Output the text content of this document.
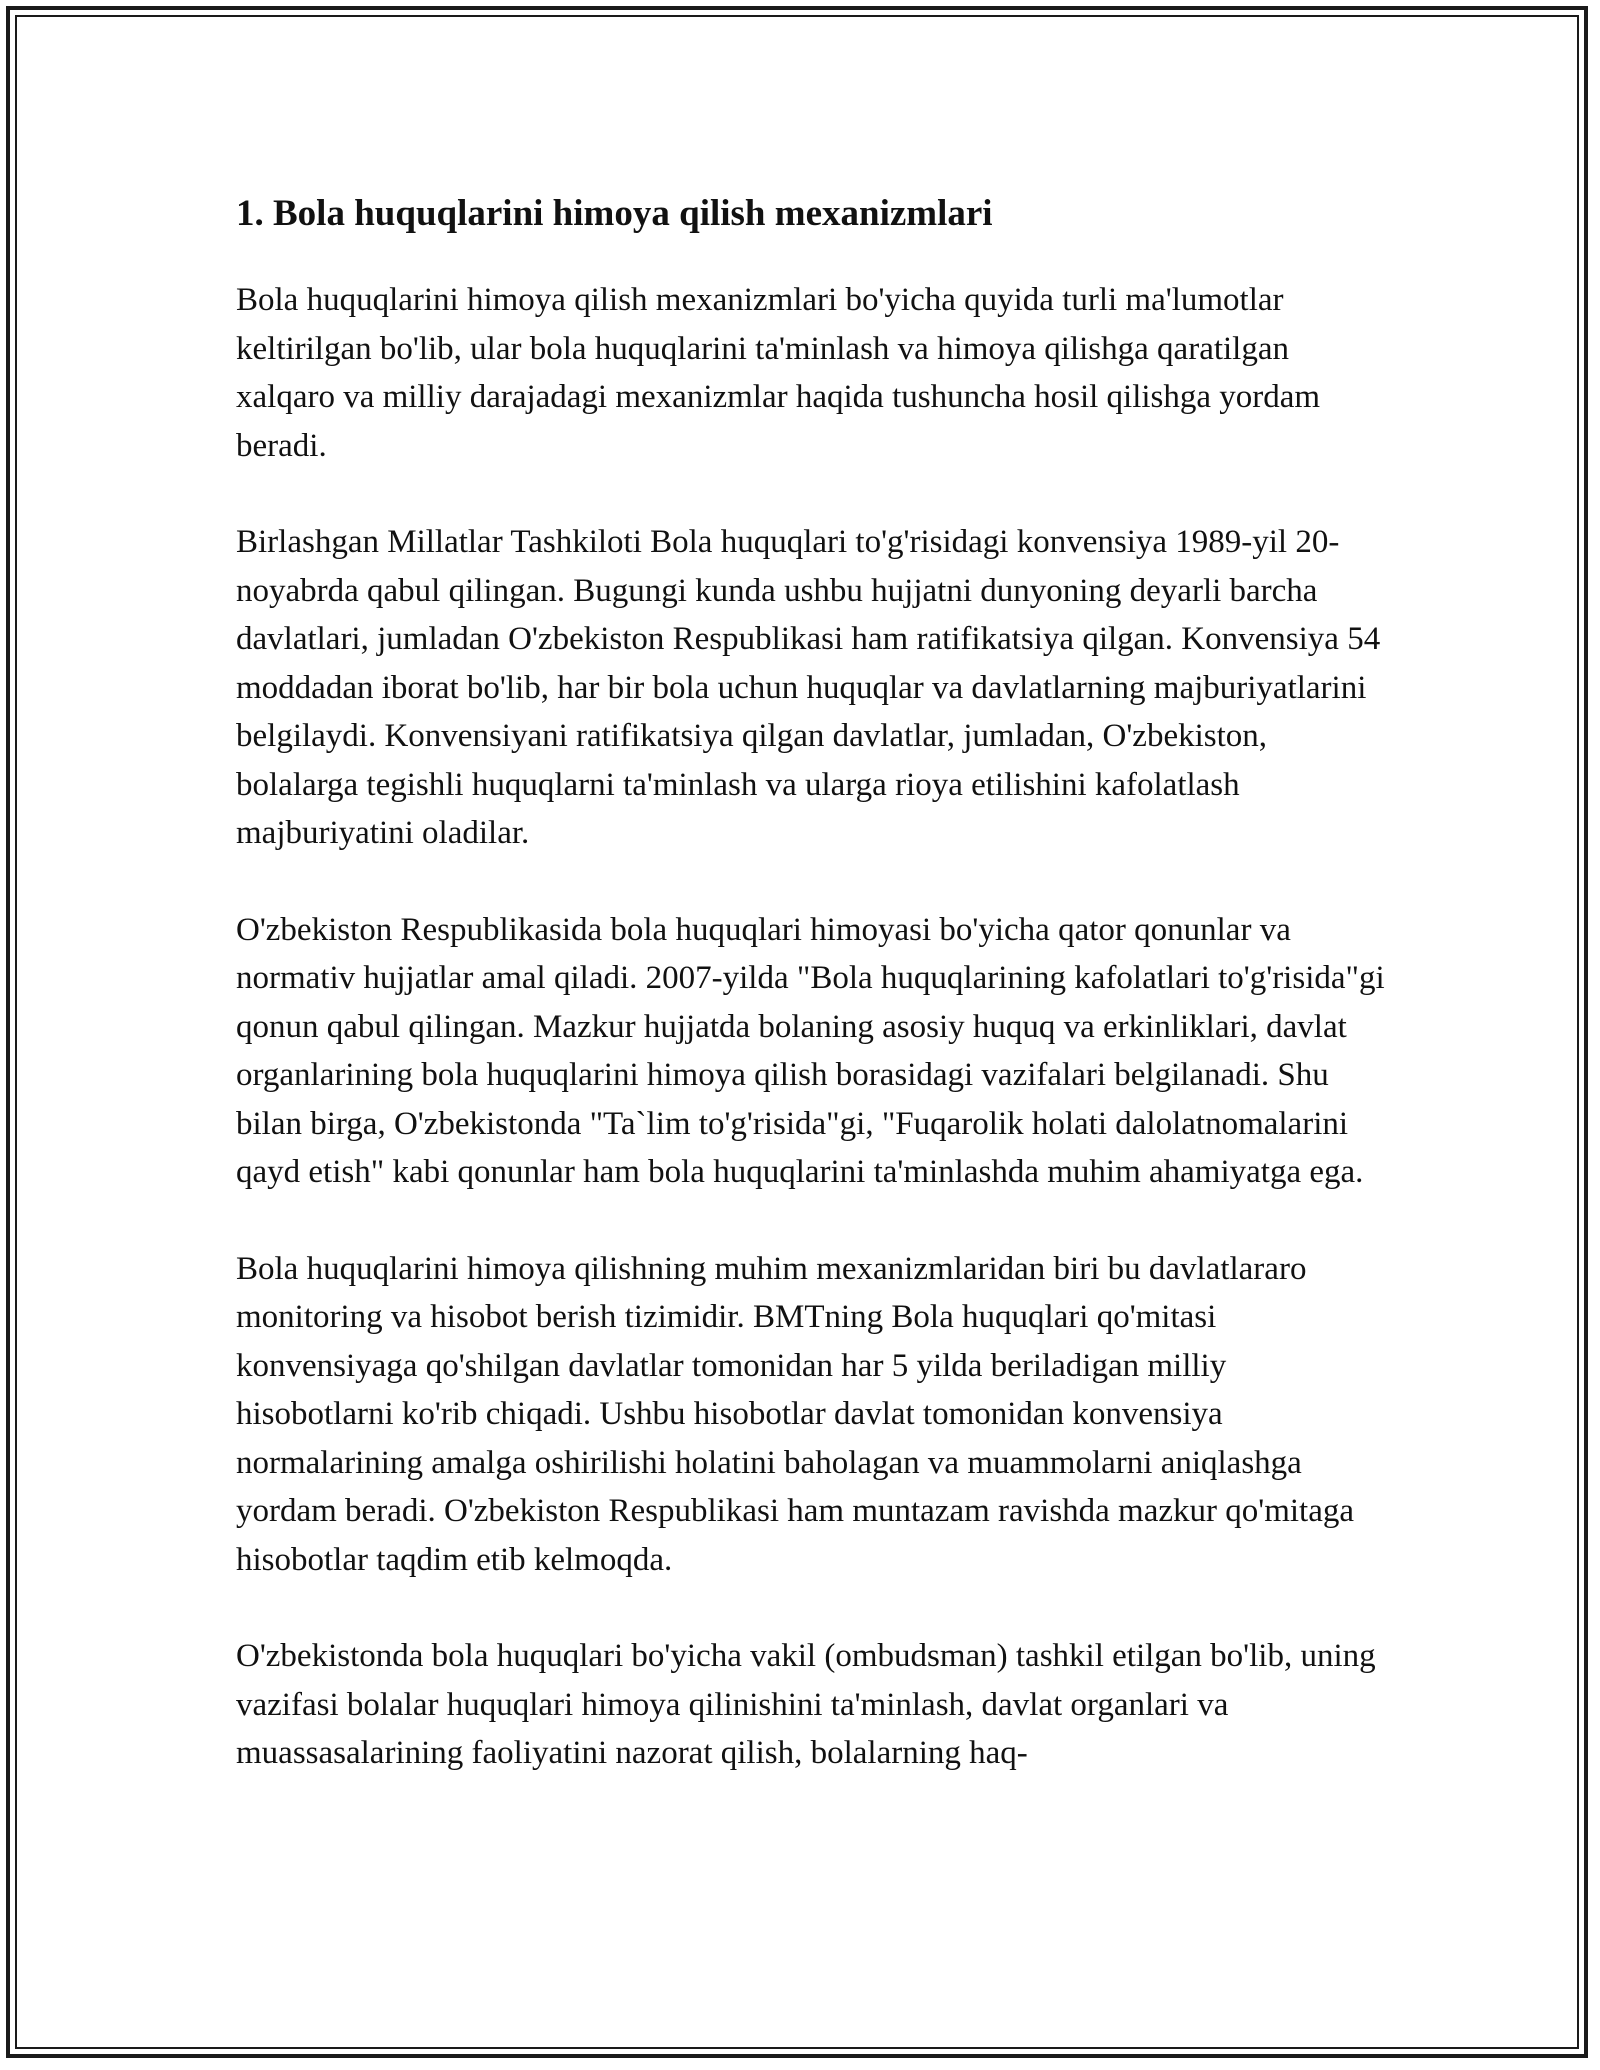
1. Bola huquqlarini himoya qilish mexanizmlari

Bola huquqlarini himoya qilish mexanizmlari bo'yicha quyida turli ma'lumotlar keltirilgan bo'lib, ular bola huquqlarini ta'minlash va himoya qilishga qaratilgan xalqaro va milliy darajadagi mexanizmlar haqida tushuncha hosil qilishga yordam beradi.

Birlashgan Millatlar Tashkiloti Bola huquqlari to'g'risidagi konvensiya 1989-yil 20-noyabrda qabul qilingan. Bugungi kunda ushbu hujjatni dunyoning deyarli barcha davlatlari, jumladan O'zbekiston Respublikasi ham ratifikatsiya qilgan. Konvensiya 54 moddadan iborat bo'lib, har bir bola uchun huquqlar va davlatlarning majburiyatlarini belgilaydi. Konvensiyani ratifikatsiya qilgan davlatlar, jumladan, O'zbekiston, bolalarga tegishli huquqlarni ta'minlash va ularga rioya etilishini kafolatlash majburiyatini oladilar.

O'zbekiston Respublikasida bola huquqlari himoyasi bo'yicha qator qonunlar va normativ hujjatlar amal qiladi. 2007-yilda "Bola huquqlarining kafolatlari to'g'risida"gi qonun qabul qilingan. Mazkur hujjatda bolaning asosiy huquq va erkinliklari, davlat organlarining bola huquqlarini himoya qilish borasidagi vazifalari belgilanadi. Shu bilan birga, O'zbekistonda "Ta`lim to'g'risida"gi, "Fuqarolik holati dalolatnomalarini qayd etish" kabi qonunlar ham bola huquqlarini ta'minlashda muhim ahamiyatga ega.

Bola huquqlarini himoya qilishning muhim mexanizmlaridan biri bu davlatlararo monitoring va hisobot berish tizimidir. BMTning Bola huquqlari qo'mitasi konvensiyaga qo'shilgan davlatlar tomonidan har 5 yilda beriladigan milliy hisobotlarni ko'rib chiqadi. Ushbu hisobotlar davlat tomonidan konvensiya normalarining amalga oshirilishi holatini baholagan va muammolarni aniqlashga yordam beradi. O'zbekiston Respublikasi ham muntazam ravishda mazkur qo'mitaga hisobotlar taqdim etib kelmoqda.

O'zbekistonda bola huquqlari bo'yicha vakil (ombudsman) tashkil etilgan bo'lib, uning vazifasi bolalar huquqlari himoya qilinishini ta'minlash, davlat organlari va muassasalarining faoliyatini nazorat qilish, bolalarning haq-
